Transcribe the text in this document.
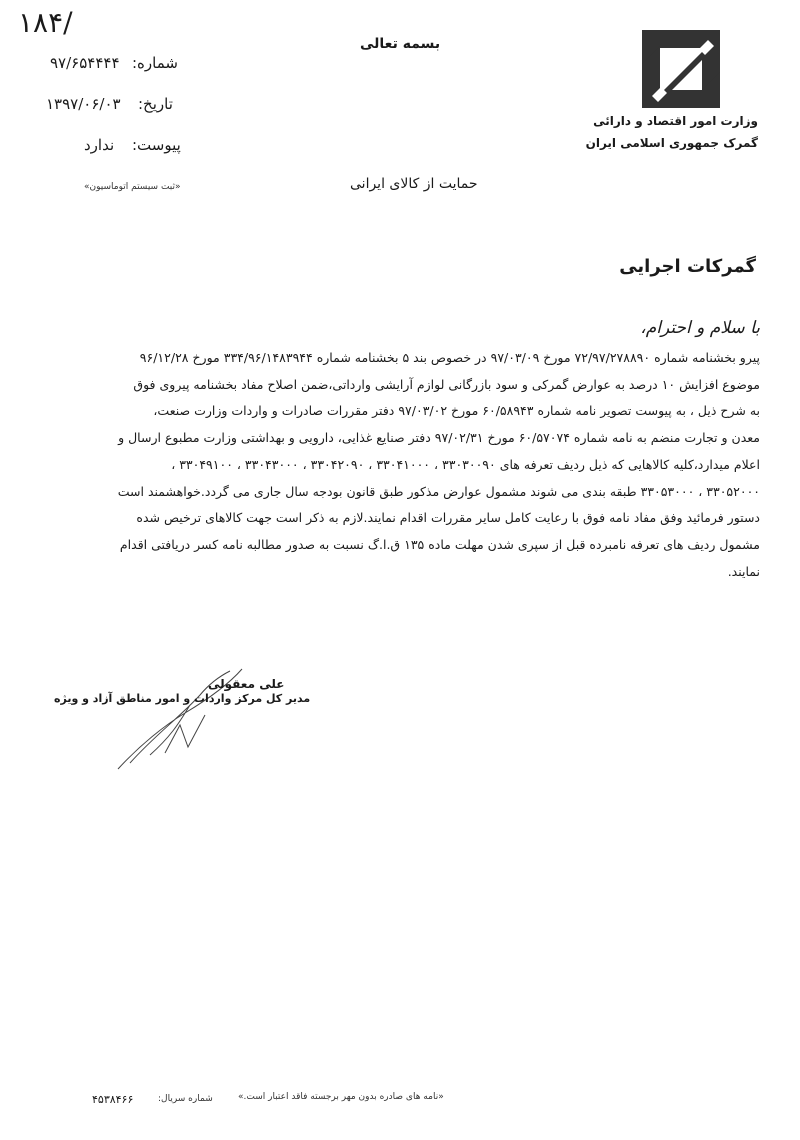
۱۸۴/
شماره:
۹۷/۶۵۴۴۴۴
تاریخ:
۱۳۹۷/۰۶/۰۳
پیوست:
ندارد
«ثبت سیستم اتوماسیون»
بسمه تعالی
وزارت امور اقتصاد و دارائی
گمرک جمهوری اسلامی ایران
حمایت از کالای ایرانی
گمرکات اجرایی
با سلام و احترام،
پیرو بخشنامه شماره ۷۲/۹۷/۲۷۸۸۹۰ مورخ ۹۷/۰۳/۰۹ در خصوص بند ۵ بخشنامه شماره ۳۳۴/۹۶/۱۴۸۳۹۴۴ مورخ ۹۶/۱۲/۲۸
موضوع افزایش ۱۰ درصد به عوارض گمرکی و سود بازرگانی لوازم آرایشی وارداتی،ضمن اصلاح مفاد بخشنامه پیروی فوق
به شرح ذیل ، به پیوست تصویر نامه شماره ۶۰/۵۸۹۴۳ مورخ ۹۷/۰۳/۰۲ دفتر مقررات صادرات و واردات وزارت صنعت،
معدن و تجارت منضم به نامه شماره ۶۰/۵۷۰۷۴ مورخ ۹۷/۰۲/۳۱ دفتر صنایع غذایی، دارویی و بهداشتی وزارت مطبوع ارسال و
اعلام میدارد،کلیه کالاهایی که ذیل ردیف تعرفه های ۳۳۰۳۰۰۹۰ ، ۳۳۰۴۱۰۰۰ ، ۳۳۰۴۲۰۹۰ ، ۳۳۰۴۳۰۰۰ ، ۳۳۰۴۹۱۰۰ ،
۳۳۰۵۲۰۰۰ ، ۳۳۰۵۳۰۰۰ طبقه بندی می شوند مشمول عوارض مذکور طبق قانون بودجه سال جاری می گردد.خواهشمند است
دستور فرمائید وفق مفاد نامه فوق با رعایت کامل سایر مقررات اقدام نمایند.لازم به ذکر است جهت کالاهای ترخیص شده
مشمول ردیف های تعرفه نامبرده قبل از سپری شدن مهلت ماده ۱۳۵ ق.ا.گ نسبت به صدور مطالبه نامه کسر دریافتی اقدام
نمایند.
علی معقولی
مدیر کل مرکز واردات و امور مناطق آزاد و ویژه
«نامه های صادره بدون مهر برجسته فاقد اعتبار است.»
شماره سریال:
۴۵۳۸۴۶۶
